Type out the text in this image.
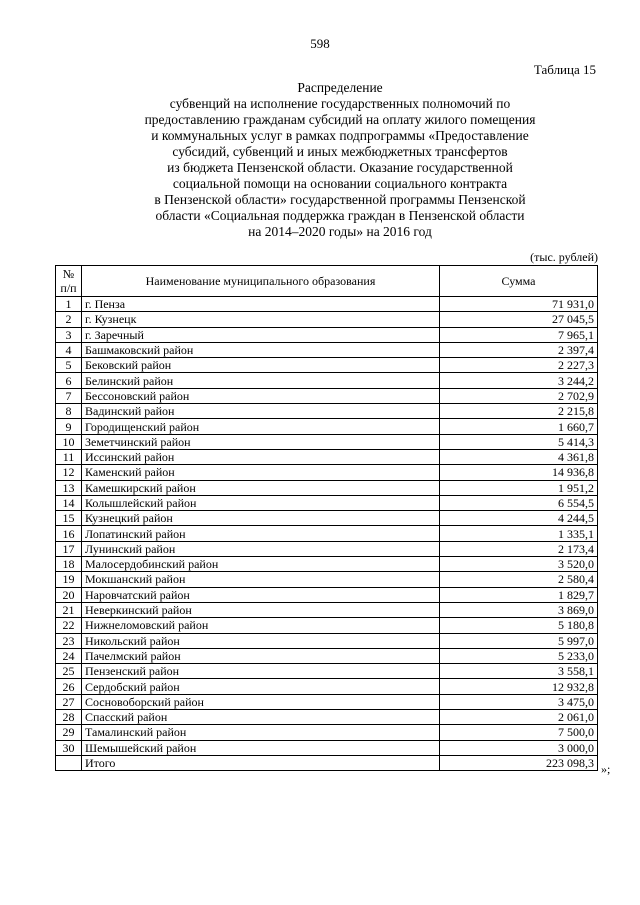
598
Таблица 15
Распределение
субвенций на исполнение государственных полномочий по
предоставлению гражданам субсидий на оплату жилого помещения
и коммунальных услуг в рамках подпрограммы «Предоставление
субсидий, субвенций и иных межбюджетных трансфертов
из бюджета Пензенской области. Оказание государственной
социальной помощи на основании социального контракта
в Пензенской области» государственной программы Пензенской
области «Социальная поддержка граждан в Пензенской области
на 2014–2020 годы» на 2016 год
(тыс. рублей)
№ п/п	Наименование муниципального образования	Сумма
1	г. Пенза	71 931,0
2	г. Кузнецк	27 045,5
3	г. Заречный	7 965,1
4	Башмаковский район	2 397,4
5	Бековский район	2 227,3
6	Белинский район	3 244,2
7	Бессоновский район	2 702,9
8	Вадинский район	2 215,8
9	Городищенский район	1 660,7
10	Земетчинский район	5 414,3
11	Иссинский район	4 361,8
12	Каменский район	14 936,8
13	Камешкирский район	1 951,2
14	Колышлейский район	6 554,5
15	Кузнецкий район	4 244,5
16	Лопатинский район	1 335,1
17	Лунинский район	2 173,4
18	Малосердобинский район	3 520,0
19	Мокшанский район	2 580,4
20	Наровчатский район	1 829,7
21	Неверкинский район	3 869,0
22	Нижнеломовский район	5 180,8
23	Никольский район	5 997,0
24	Пачелмский район	5 233,0
25	Пензенский район	3 558,1
26	Сердобский район	12 932,8
27	Сосновоборский район	3 475,0
28	Спасский район	2 061,0
29	Тамалинский район	7 500,0
30	Шемышейский район	3 000,0
	Итого	223 098,3 »;
